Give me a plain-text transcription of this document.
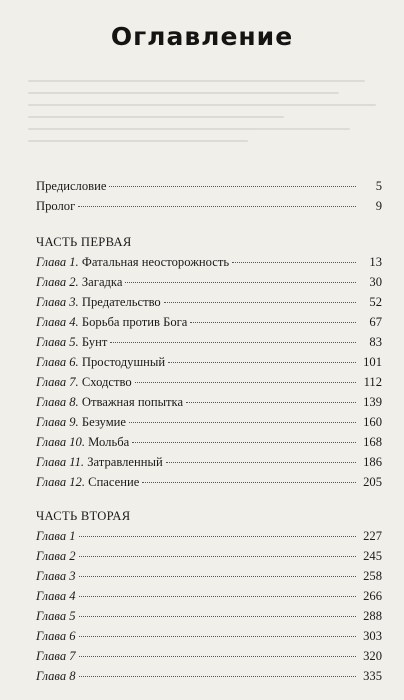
Оглавление
Предисловие	5
Пролог	9
ЧАСТЬ ПЕРВАЯ
Глава 1. Фатальная неосторожность	13
Глава 2. Загадка	30
Глава 3. Предательство	52
Глава 4. Борьба против Бога	67
Глава 5. Бунт	83
Глава 6. Простодушный	101
Глава 7. Сходство	112
Глава 8. Отважная попытка	139
Глава 9. Безумие	160
Глава 10. Мольба	168
Глава 11. Затравленный	186
Глава 12. Спасение	205
ЧАСТЬ ВТОРАЯ
Глава 1	227
Глава 2	245
Глава 3	258
Глава 4	266
Глава 5	288
Глава 6	303
Глава 7	320
Глава 8	335
